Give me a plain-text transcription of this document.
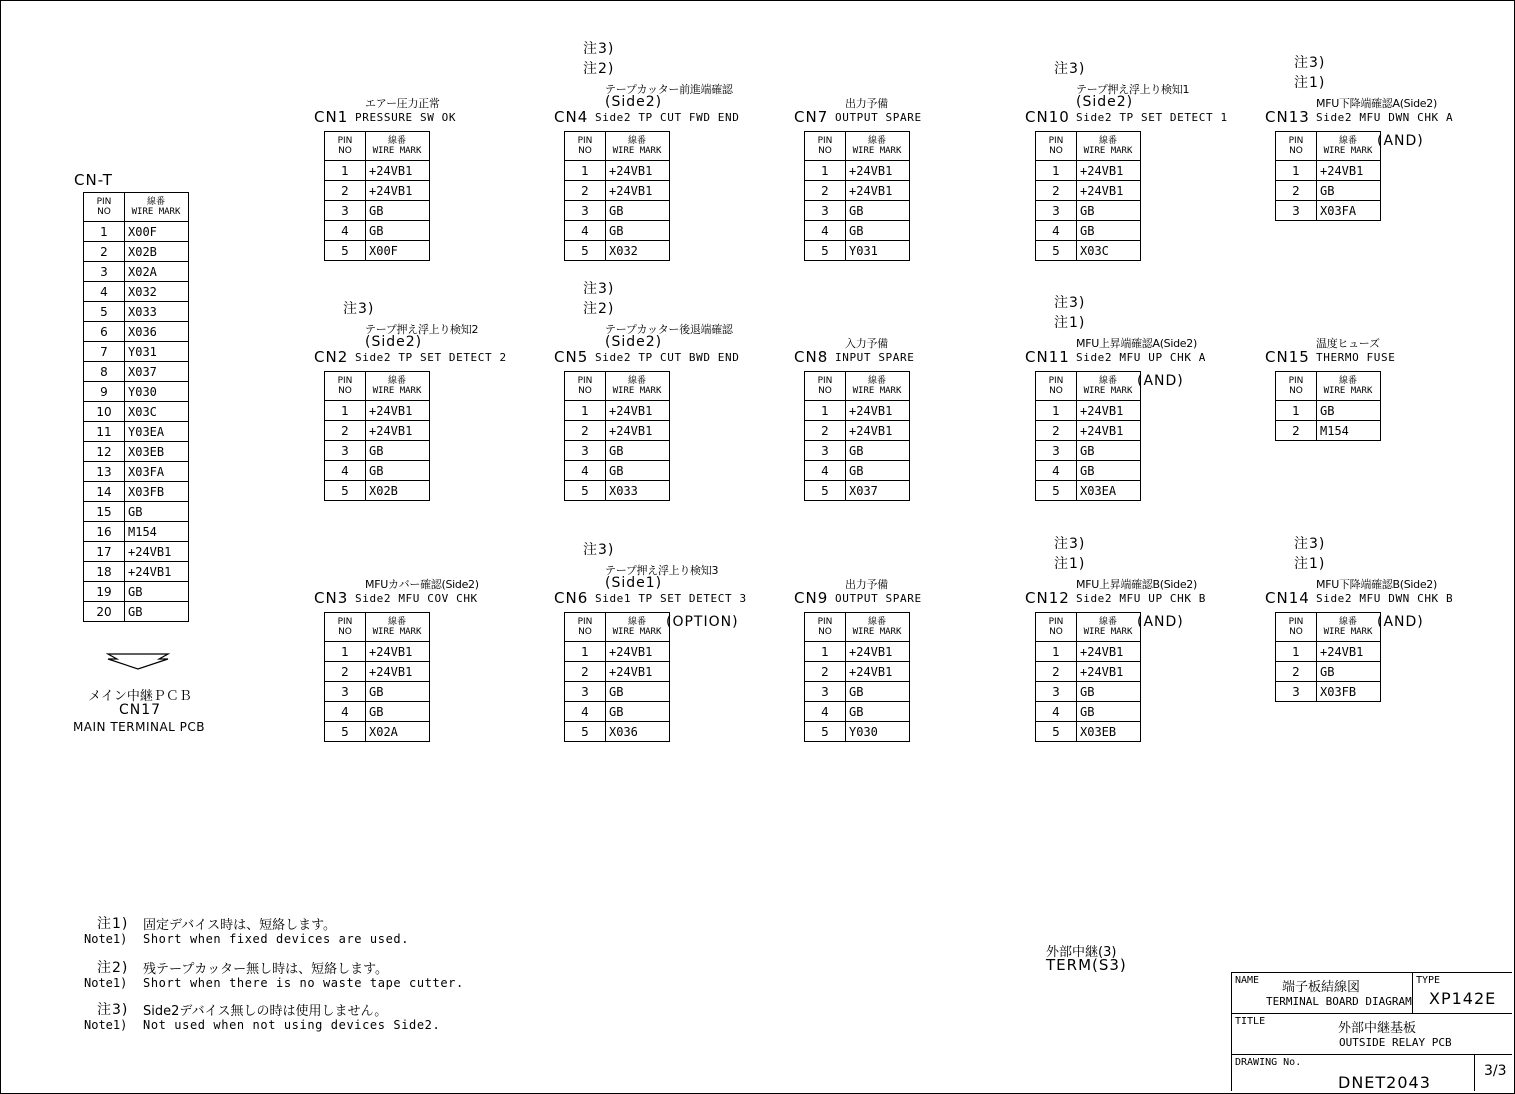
CN-T
PIN
NO	線番
WIRE MARK
1	X00F
2	X02B
3	X02A
4	X032
5	X033
6	X036
7	Y031
8	X037
9	Y030
10	X03C
11	Y03EA
12	X03EB
13	X03FA
14	X03FB
15	GB
16	M154
17	+24VB1
18	+24VB1
19	GB
20	GB
メイン中継ＰＣＢ
CN17
MAIN TERMINAL PCB
CN1 PRESSURE SW OK
エアー圧力正常
PIN
NO	線番
WIRE MARK
1	+24VB1
2	+24VB1
3	GB
4	GB
5	X00F
CN4 Side2 TP CUT FWD END
(Side2)
テープカッター前進端確認
注2)
注3)
PIN
NO	線番
WIRE MARK
1	+24VB1
2	+24VB1
3	GB
4	GB
5	X032
CN7 OUTPUT SPARE
出力予備
PIN
NO	線番
WIRE MARK
1	+24VB1
2	+24VB1
3	GB
4	GB
5	Y031
CN10 Side2 TP SET DETECT 1
(Side2)
テープ押え浮上り検知1
注3)
PIN
NO	線番
WIRE MARK
1	+24VB1
2	+24VB1
3	GB
4	GB
5	X03C
CN13 Side2 MFU DWN CHK A
MFU下降端確認A(Side2)
注1)
注3)
PIN
NO	線番
WIRE MARK
1	+24VB1
2	GB
3	X03FA
(AND)
CN2 Side2 TP SET DETECT 2
(Side2)
テープ押え浮上り検知2
注3)
PIN
NO	線番
WIRE MARK
1	+24VB1
2	+24VB1
3	GB
4	GB
5	X02B
CN5 Side2 TP CUT BWD END
(Side2)
テープカッター後退端確認
注2)
注3)
PIN
NO	線番
WIRE MARK
1	+24VB1
2	+24VB1
3	GB
4	GB
5	X033
CN8 INPUT SPARE
入力予備
PIN
NO	線番
WIRE MARK
1	+24VB1
2	+24VB1
3	GB
4	GB
5	X037
CN11 Side2 MFU UP CHK A
MFU上昇端確認A(Side2)
注1)
注3)
PIN
NO	線番
WIRE MARK
1	+24VB1
2	+24VB1
3	GB
4	GB
5	X03EA
(AND)
CN15 THERMO FUSE
温度ヒューズ
PIN
NO	線番
WIRE MARK
1	GB
2	M154
CN3 Side2 MFU COV CHK
MFUカバー確認(Side2)
PIN
NO	線番
WIRE MARK
1	+24VB1
2	+24VB1
3	GB
4	GB
5	X02A
CN6 Side1 TP SET DETECT 3
(Side1)
テープ押え浮上り検知3
注3)
PIN
NO	線番
WIRE MARK
1	+24VB1
2	+24VB1
3	GB
4	GB
5	X036
(OPTION)
CN9 OUTPUT SPARE
出力予備
PIN
NO	線番
WIRE MARK
1	+24VB1
2	+24VB1
3	GB
4	GB
5	Y030
CN12 Side2 MFU UP CHK B
MFU上昇端確認B(Side2)
注1)
注3)
PIN
NO	線番
WIRE MARK
1	+24VB1
2	+24VB1
3	GB
4	GB
5	X03EB
(AND)
CN14 Side2 MFU DWN CHK B
MFU下降端確認B(Side2)
注1)
注3)
PIN
NO	線番
WIRE MARK
1	+24VB1
2	GB
3	X03FB
(AND)
注1) 固定デバイス時は、短絡します。
Note1) Short when fixed devices are used.
注2) 残テープカッター無し時は、短絡します。
Note1) Short when there is no waste tape cutter.
注3) Side2デバイス無しの時は使用しません。
Note1) Not used when not using devices Side2.
外部中継(3)
TERM(S3)
NAME 端子板結線図
TERMINAL BOARD DIAGRAM
TYPE
XP142E
TITLE	外部中継基板
OUTSIDE RELAY PCB
DRAWING No.
DNET2043
3/3
